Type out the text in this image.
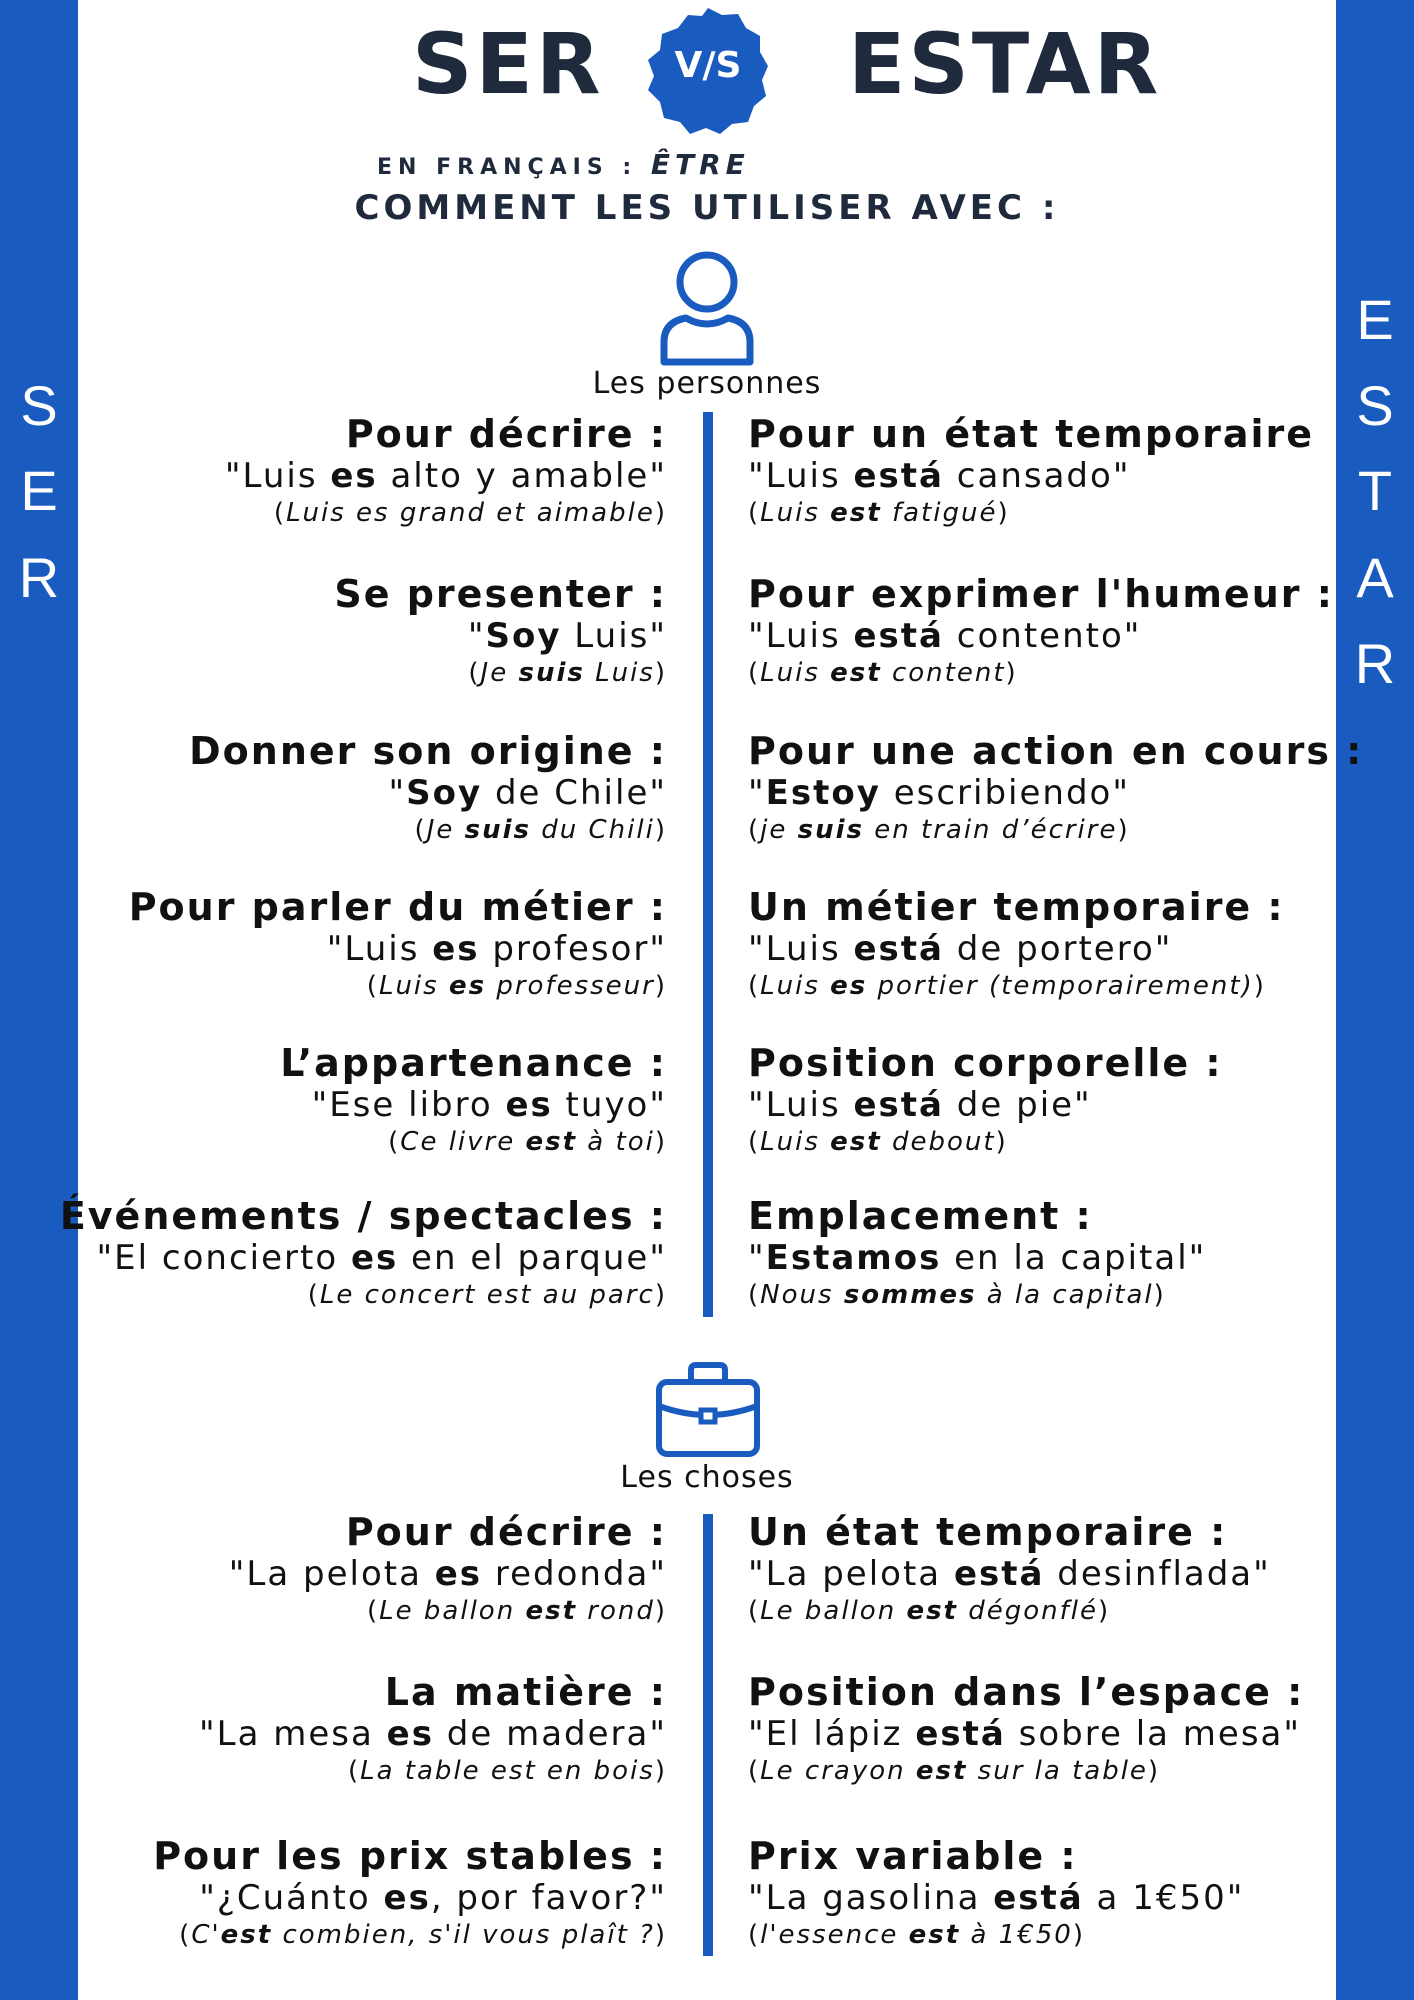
S
E
R
E
S
T
A
R
SER	V/S	ESTAR
EN FRANÇAIS : ÊTRE
COMMENT LES UTILISER AVEC :
Les personnes
Pour décrire :
"Luis es alto y amable"
(Luis es grand et aimable)
Se presenter :
"Soy Luis"
(Je suis Luis)
Donner son origine :
"Soy de Chile"
(Je suis du Chili)
Pour parler du métier :
"Luis es profesor"
(Luis es professeur)
L’appartenance :
"Ese libro es tuyo"
(Ce livre est à toi)
Événements / spectacles :
"El concierto es en el parque"
(Le concert est au parc)
Pour un état temporaire
"Luis está cansado"
(Luis est fatigué)
Pour exprimer l'humeur :
"Luis está contento"
(Luis est content)
Pour une action en cours :
"Estoy escribiendo"
(je suis en train d’écrire)
Un métier temporaire :
"Luis está de portero"
(Luis es portier (temporairement))
Position corporelle :
"Luis está de pie"
(Luis est debout)
Emplacement :
"Estamos en la capital"
(Nous sommes à la capital)
Les choses
Pour décrire :
"La pelota es redonda"
(Le ballon est rond)
La matière :
"La mesa es de madera"
(La table est en bois)
Pour les prix stables :
"¿Cuánto es, por favor?"
(C'est combien, s'il vous plaît ?)
Un état temporaire :
"La pelota está desinflada"
(Le ballon est dégonflé)
Position dans l’espace :
"El lápiz está sobre la mesa"
(Le crayon est sur la table)
Prix variable :
"La gasolina está a 1€50"
(l'essence est à 1€50)
